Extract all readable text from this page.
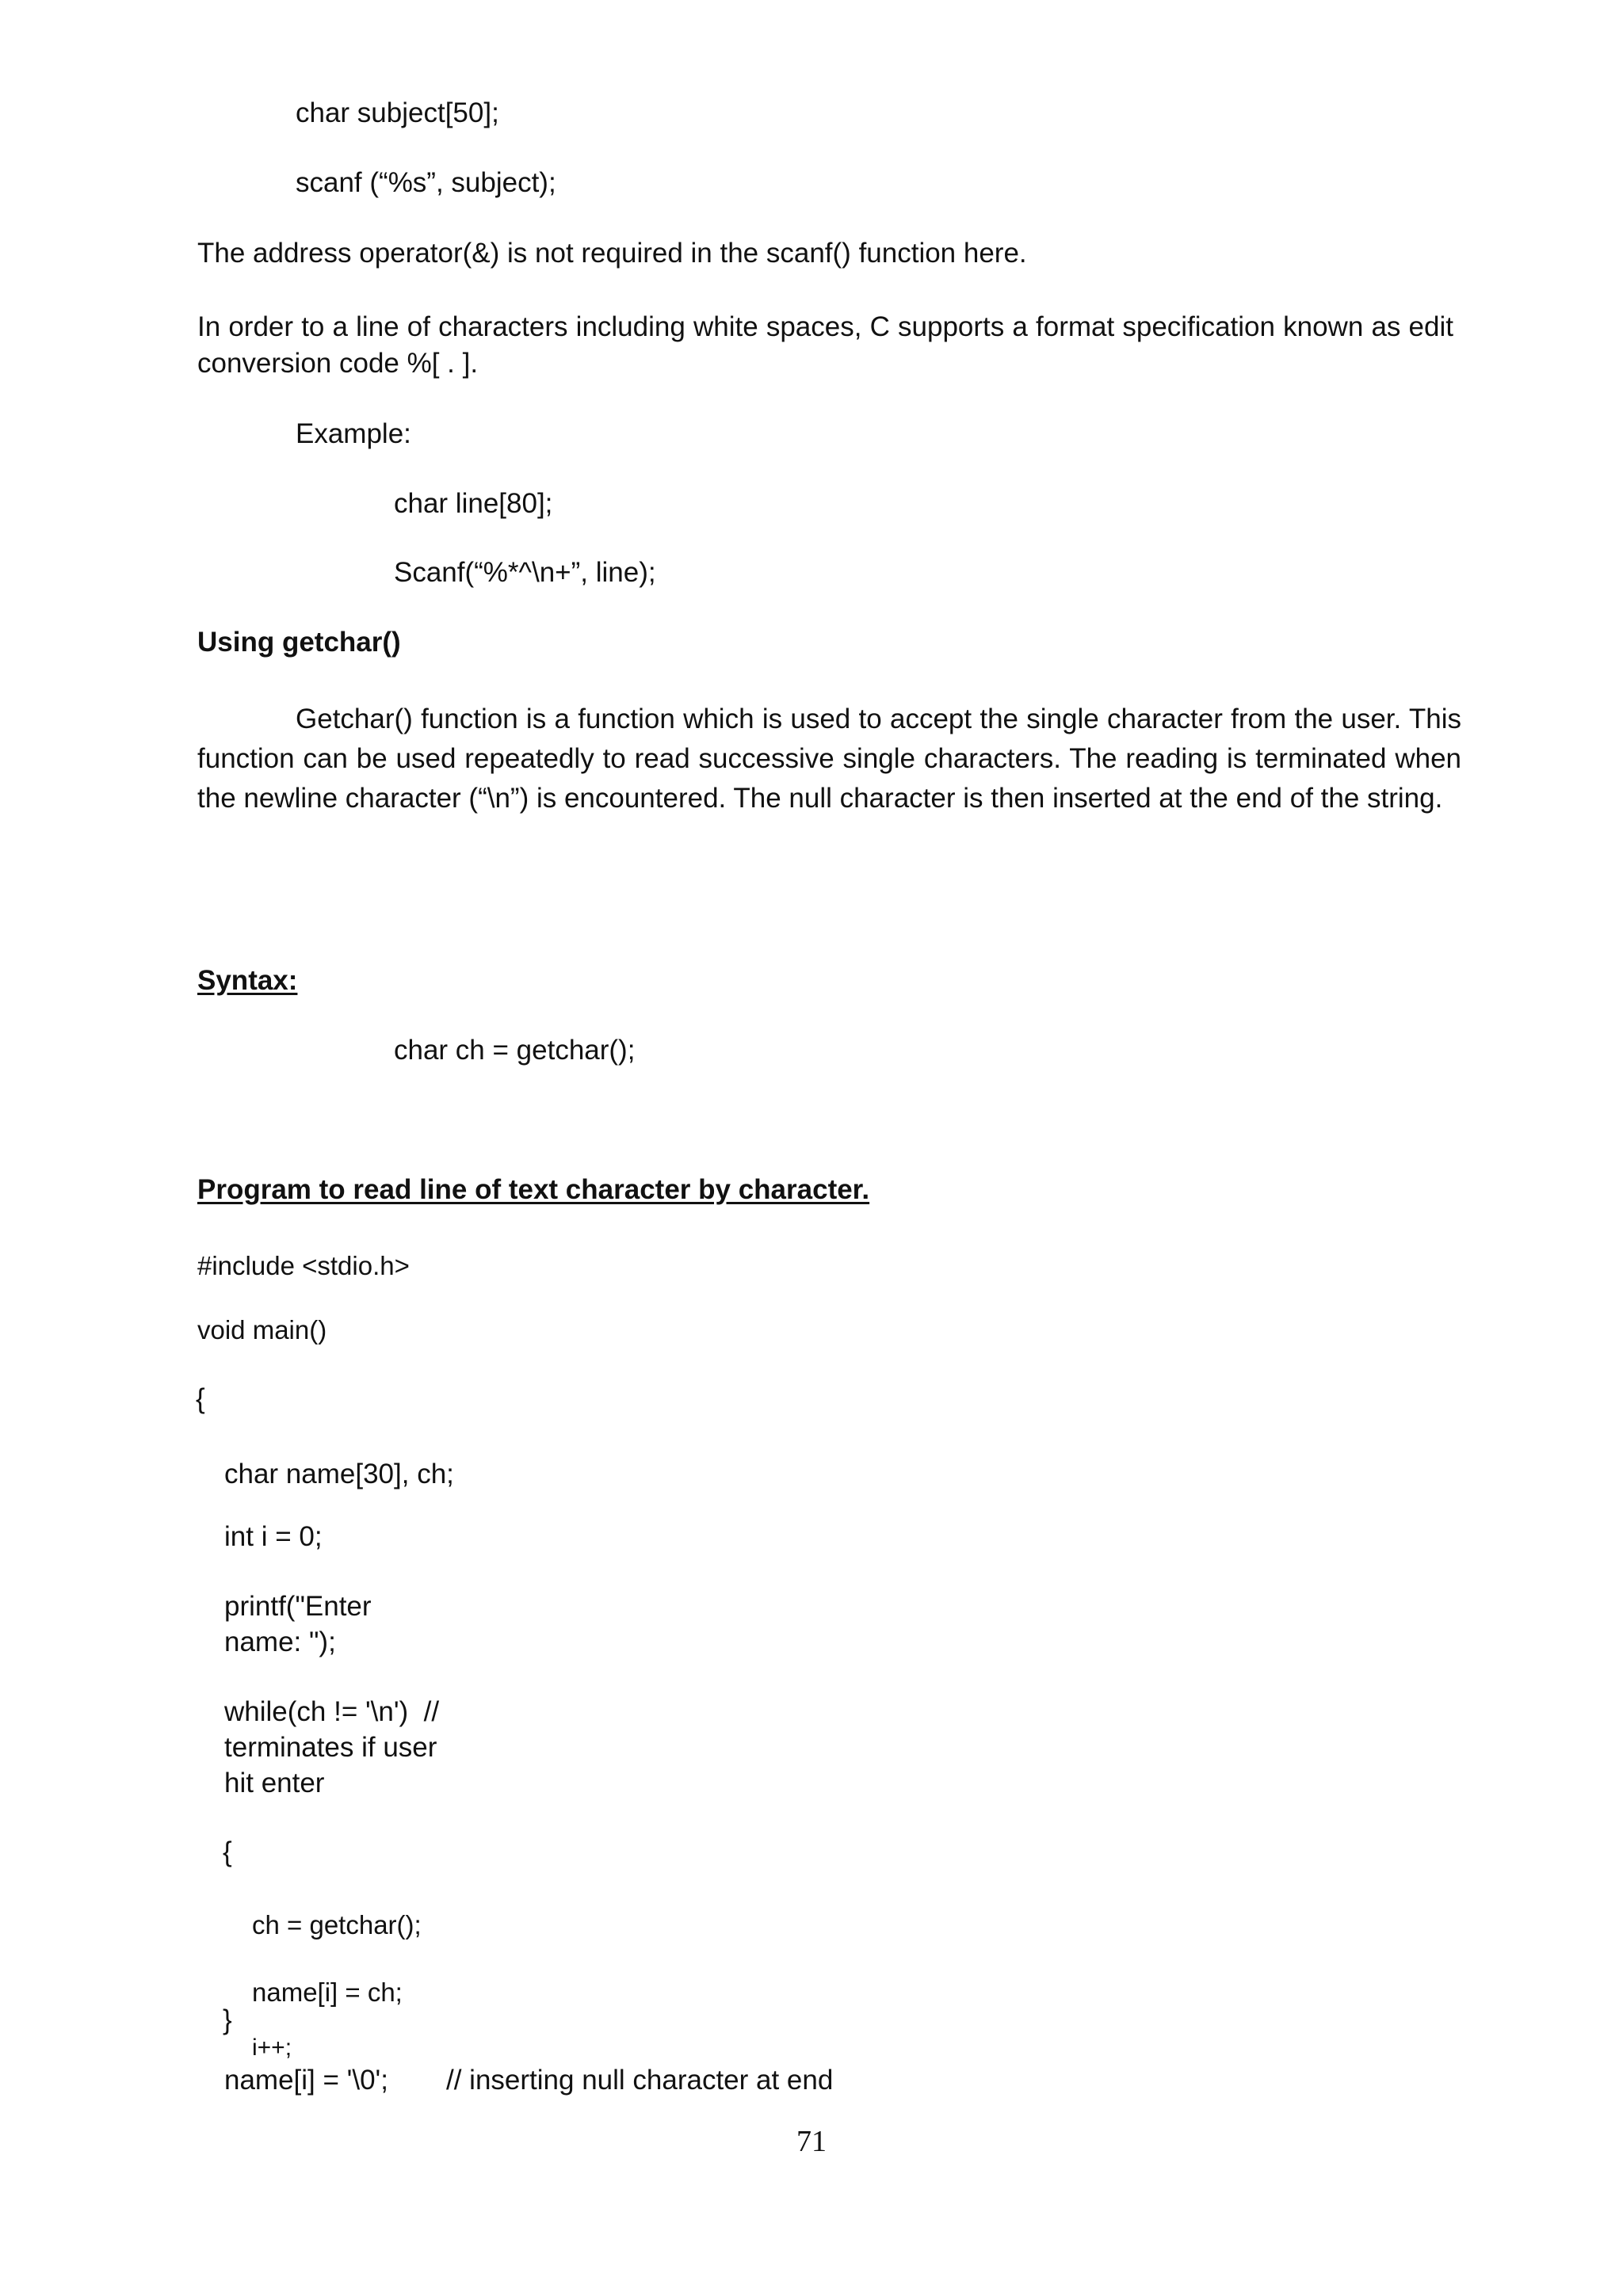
char subject[50];
scanf (“%s”, subject);
The address operator(&) is not required in the scanf() function here.
In order to a line of characters including white spaces, C supports a format specification known as edit conversion code %[ . ].
Example:
char line[80];
Scanf(“%*^\n+”, line);
Using getchar()
Getchar() function is a function which is used to accept the single character from the user. This function can be used repeatedly to read successive single characters. The reading is terminated when the newline character (“\n”) is encountered. The null character is then inserted at the end of the string.
Syntax:
char ch = getchar();
Program to read line of text character by character.
#include <stdio.h>
void main()
{
char name[30], ch;
int i = 0;
printf("Enter
name: ");
while(ch != '\n')  //
terminates if user
hit enter
{
ch = getchar();
name[i] = ch;
}
i++;
name[i] = '\0'; // inserting null character at end
71
